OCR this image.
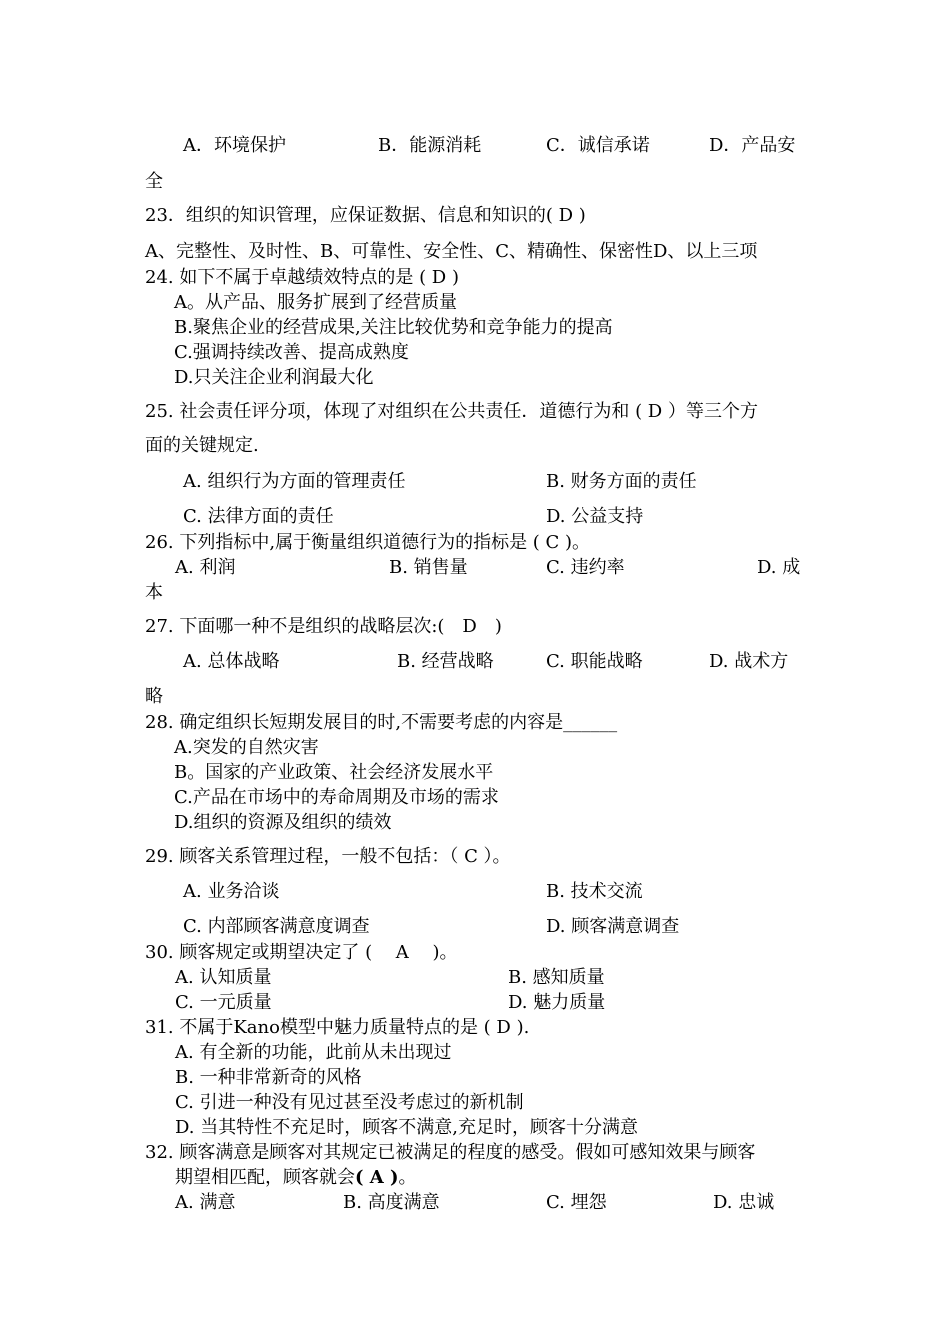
A．环境保护	B．能源消耗	C．诚信承诺	D．产品安
全
23．组织的知识管理，应保证数据、信息和知识的( D )
A、完整性、及时性、B、可靠性、安全性、C、精确性、保密性D、以上三项
24. 如下不属于卓越绩效特点的是 ( D )
A。从产品、服务扩展到了经营质量
B.聚焦企业的经营成果,关注比较优势和竞争能力的提高
C.强调持续改善、提高成熟度
D.只关注企业利润最大化
25. 社会责任评分项，体现了对组织在公共责任．道德行为和 ( D ）等三个方
面的关键规定.
A. 组织行为方面的管理责任	B. 财务方面的责任
C. 法律方面的责任	D. 公益支持
26. 下列指标中,属于衡量组织道德行为的指标是 ( C )。
A. 利润	B. 销售量	C. 违约率	D. 成
本
27. 下面哪一种不是组织的战略层次:(　D　)
A. 总体战略	B. 经营战略	C. 职能战略	D. 战术方
略
28. 确定组织长短期发展目的时,不需要考虑的内容是______
A.突发的自然灾害
B。国家的产业政策、社会经济发展水平
C.产品在市场中的寿命周期及市场的需求
D.组织的资源及组织的绩效
29. 顾客关系管理过程，一般不包括：（ C ）。
A. 业务洽谈	B. 技术交流
C. 内部顾客满意度调查	D. 顾客满意调查
30. 顾客规定或期望决定了 ( 　A　 )。
A. 认知质量	B. 感知质量
C. 一元质量	D. 魅力质量
31. 不属于Kano模型中魅力质量特点的是 ( D ).
A. 有全新的功能，此前从未出现过
B. 一种非常新奇的风格
C. 引进一种没有见过甚至没考虑过的新机制
D. 当其特性不充足时，顾客不满意,充足时，顾客十分满意
32. 顾客满意是顾客对其规定已被满足的程度的感受。假如可感知效果与顾客
期望相匹配，顾客就会( A )。
A. 满意	B. 高度满意	C. 埋怨	D. 忠诚
